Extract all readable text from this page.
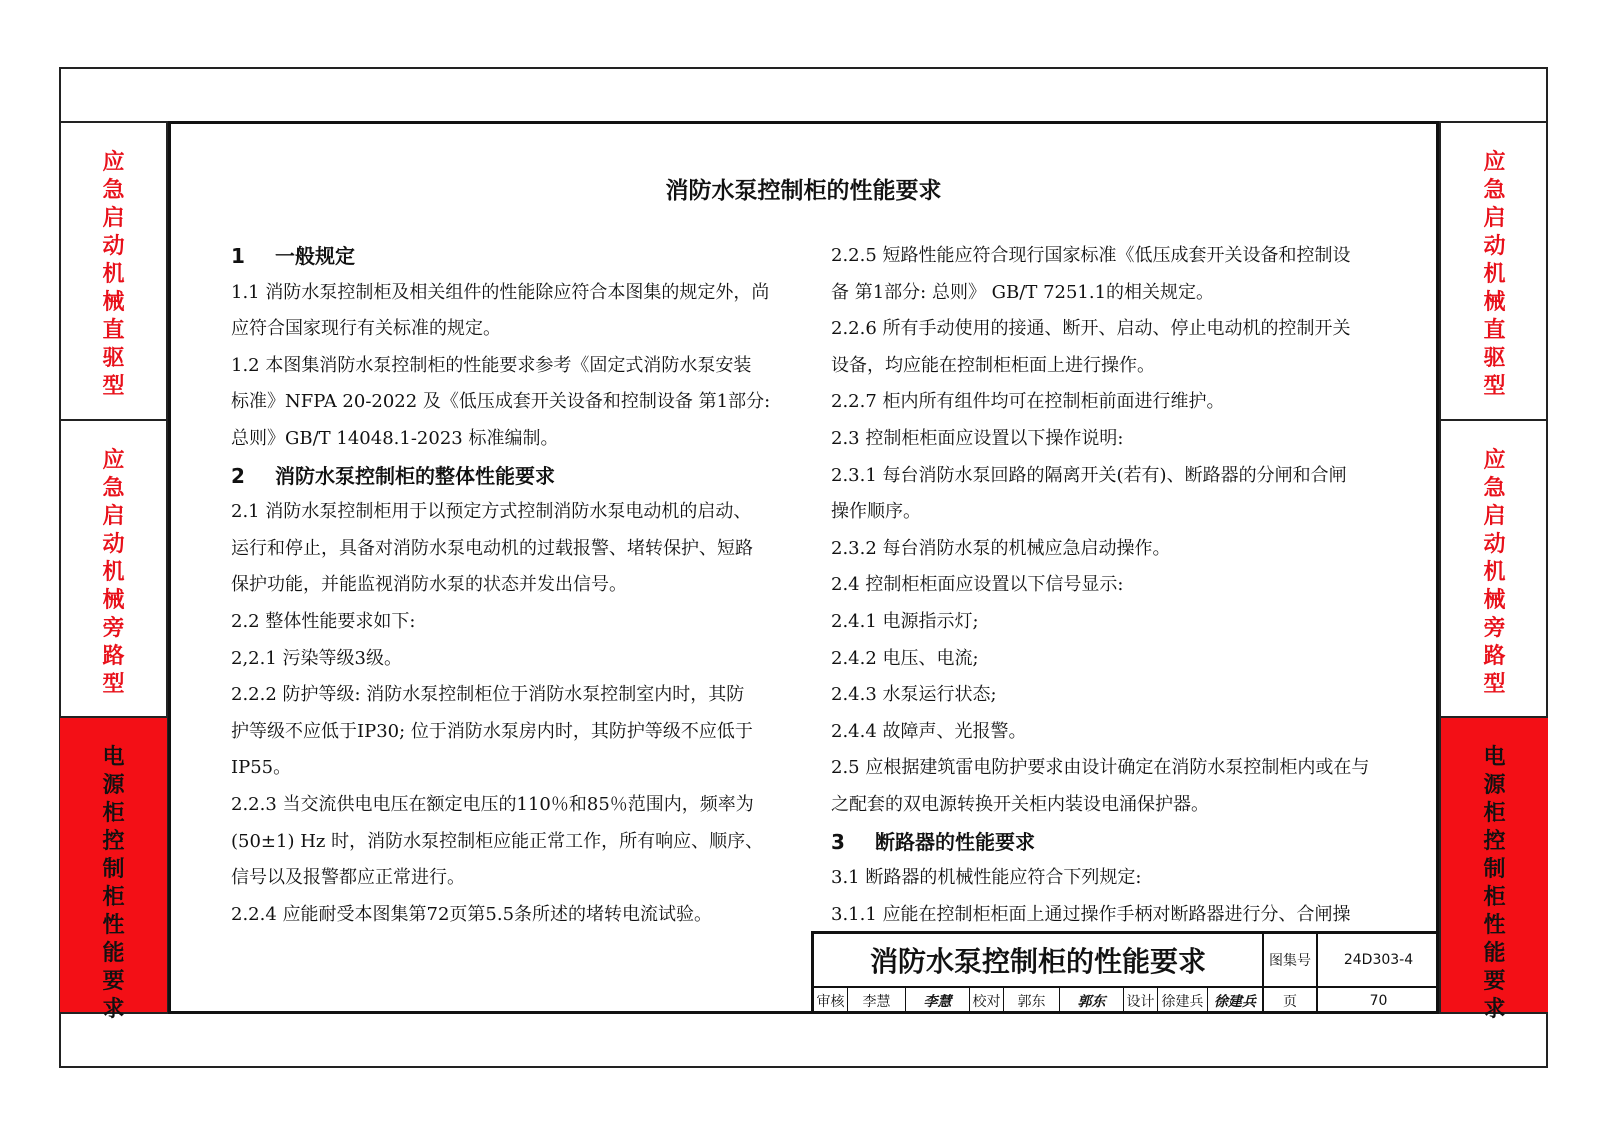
应
急
启
动
机
械
直
驱
型
应
急
启
动
机
械
旁
路
型
电
源
柜
控
制
柜
性
能
要
求
应
急
启
动
机
械
直
驱
型
应
急
启
动
机
械
旁
路
型
电
源
柜
控
制
柜
性
能
要
求
消防水泵控制柜的性能要求

1 一般规定

1.1 消防水泵控制柜及相关组件的性能除应符合本图集的规定外，尚

应符合国家现行有关标准的规定。

1.2 本图集消防水泵控制柜的性能要求参考《固定式消防水泵安装

标准》NFPA 20-2022 及《低压成套开关设备和控制设备 第1部分:

总则》GB/T 14048.1-2023 标准编制。

2 消防水泵控制柜的整体性能要求

2.1 消防水泵控制柜用于以预定方式控制消防水泵电动机的启动、

运行和停止，具备对消防水泵电动机的过载报警、堵转保护、短路

保护功能，并能监视消防水泵的状态并发出信号。

2.2 整体性能要求如下:

2,2.1 污染等级3级。

2.2.2 防护等级: 消防水泵控制柜位于消防水泵控制室内时，其防

护等级不应低于IP30; 位于消防水泵房内时，其防护等级不应低于

IP55。

2.2.3 当交流供电电压在额定电压的110％和85％范围内，频率为

(50±1) Hz 时，消防水泵控制柜应能正常工作，所有响应、顺序、

信号以及报警都应正常进行。

2.2.4 应能耐受本图集第72页第5.5条所述的堵转电流试验。

2.2.5 短路性能应符合现行国家标准《低压成套开关设备和控制设

备 第1部分: 总则》 GB/T 7251.1的相关规定。

2.2.6 所有手动使用的接通、断开、启动、停止电动机的控制开关

设备，均应能在控制柜柜面上进行操作。

2.2.7 柜内所有组件均可在控制柜前面进行维护。

2.3 控制柜柜面应设置以下操作说明:

2.3.1 每台消防水泵回路的隔离开关(若有)、断路器的分闸和合闸

操作顺序。

2.3.2 每台消防水泵的机械应急启动操作。

2.4 控制柜柜面应设置以下信号显示:

2.4.1 电源指示灯;

2.4.2 电压、电流;

2.4.3 水泵运行状态;

2.4.4 故障声、光报警。

2.5 应根据建筑雷电防护要求由设计确定在消防水泵控制柜内或在与

之配套的双电源转换开关柜内装设电涌保护器。

3 断路器的性能要求

3.1 断路器的机械性能应符合下列规定:

3.1.1 应能在控制柜柜面上通过操作手柄对断路器进行分、合闸操

消防水泵控制柜的性能要求	图集号	24D303-4
审核	李慧	李慧	校对	郭东	郭东	设计 徐建兵 徐建兵	页	70
